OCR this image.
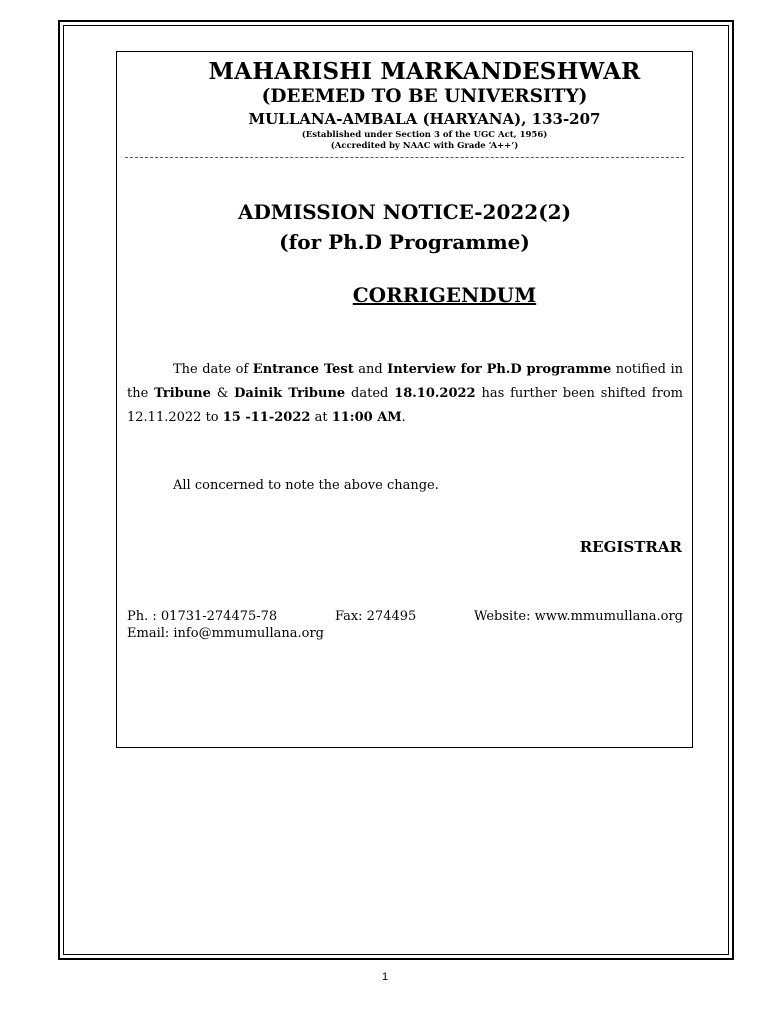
MAHARISHI MARKANDESHWAR
(DEEMED TO BE UNIVERSITY)
MULLANA-AMBALA (HARYANA), 133-207
(Established under Section 3 of the UGC Act, 1956)
(Accredited by NAAC with Grade ‘A++’)
ADMISSION NOTICE-2022(2)
(for Ph.D Programme)
CORRIGENDUM
The date of Entrance Test and Interview for Ph.D programme notified in the Tribune & Dainik Tribune dated 18.10.2022 has further been shifted from 12.11.2022 to 15 -11-2022 at 11:00 AM.
All concerned to note the above change.
REGISTRAR
Ph. : 01731-274475-78	Fax: 274495	Website: www.mmumullana.org
Email: info@mmumullana.org
1
